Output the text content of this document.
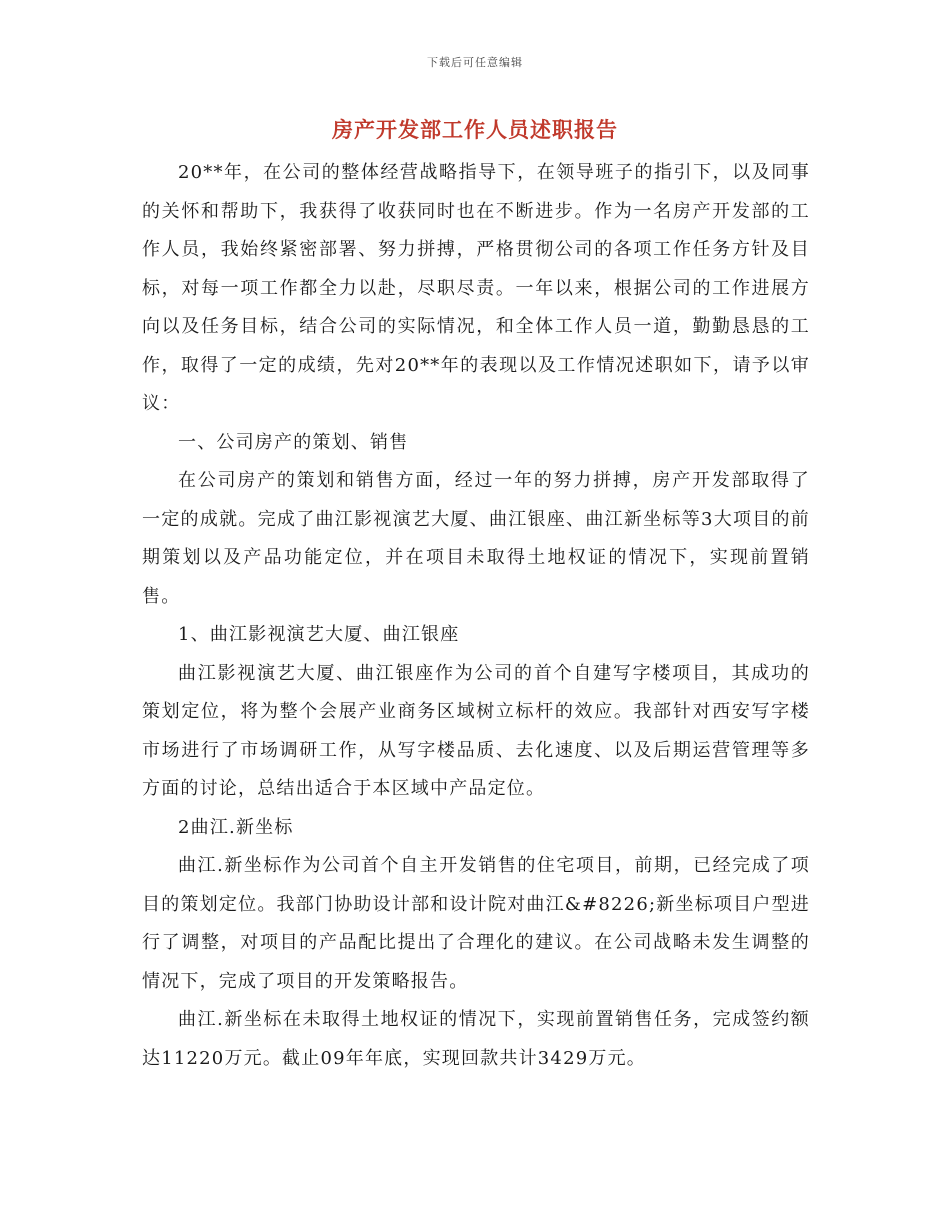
下载后可任意编辑
房产开发部工作人员述职报告

20**年，在公司的整体经营战略指导下，在领导班子的指引下，以及同事的关怀和帮助下，我获得了收获同时也在不断进步。作为一名房产开发部的工作人员，我始终紧密部署、努力拼搏，严格贯彻公司的各项工作任务方针及目标，对每一项工作都全力以赴，尽职尽责。一年以来，根据公司的工作进展方向以及任务目标，结合公司的实际情况，和全体工作人员一道，勤勤恳恳的工作，取得了一定的成绩，先对20**年的表现以及工作情况述职如下，请予以审议：

一、公司房产的策划、销售

在公司房产的策划和销售方面，经过一年的努力拼搏，房产开发部取得了一定的成就。完成了曲江影视演艺大厦、曲江银座、曲江新坐标等3大项目的前期策划以及产品功能定位，并在项目未取得土地权证的情况下，实现前置销售。

1、曲江影视演艺大厦、曲江银座

曲江影视演艺大厦、曲江银座作为公司的首个自建写字楼项目，其成功的策划定位，将为整个会展产业商务区域树立标杆的效应。我部针对西安写字楼市场进行了市场调研工作，从写字楼品质、去化速度、以及后期运营管理等多方面的讨论，总结出适合于本区域中产品定位。

2曲江.新坐标

曲江.新坐标作为公司首个自主开发销售的住宅项目，前期，已经完成了项目的策划定位。我部门协助设计部和设计院对曲江&#8226;新坐标项目户型进行了调整，对项目的产品配比提出了合理化的建议。在公司战略未发生调整的情况下，完成了项目的开发策略报告。

曲江.新坐标在未取得土地权证的情况下，实现前置销售任务，完成签约额达11220万元。截止09年年底，实现回款共计3429万元。
